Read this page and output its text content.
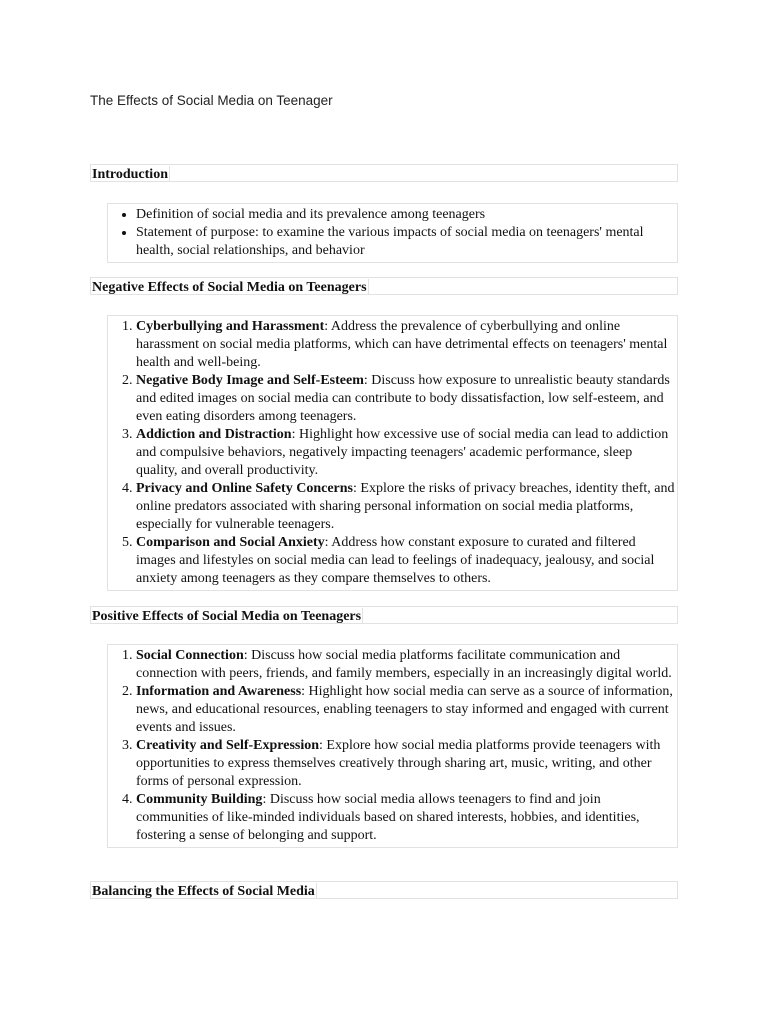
The Effects of Social Media on Teenager
Introduction
• Definition of social media and its prevalence among teenagers
• Statement of purpose: to examine the various impacts of social media on teenagers' mental health, social relationships, and behavior
Negative Effects of Social Media on Teenagers
1. Cyberbullying and Harassment: Address the prevalence of cyberbullying and online harassment on social media platforms, which can have detrimental effects on teenagers' mental health and well-being.
2. Negative Body Image and Self-Esteem: Discuss how exposure to unrealistic beauty standards and edited images on social media can contribute to body dissatisfaction, low self-esteem, and even eating disorders among teenagers.
3. Addiction and Distraction: Highlight how excessive use of social media can lead to addiction and compulsive behaviors, negatively impacting teenagers' academic performance, sleep quality, and overall productivity.
4. Privacy and Online Safety Concerns: Explore the risks of privacy breaches, identity theft, and online predators associated with sharing personal information on social media platforms, especially for vulnerable teenagers.
5. Comparison and Social Anxiety: Address how constant exposure to curated and filtered images and lifestyles on social media can lead to feelings of inadequacy, jealousy, and social anxiety among teenagers as they compare themselves to others.
Positive Effects of Social Media on Teenagers
1. Social Connection: Discuss how social media platforms facilitate communication and connection with peers, friends, and family members, especially in an increasingly digital world.
2. Information and Awareness: Highlight how social media can serve as a source of information, news, and educational resources, enabling teenagers to stay informed and engaged with current events and issues.
3. Creativity and Self-Expression: Explore how social media platforms provide teenagers with opportunities to express themselves creatively through sharing art, music, writing, and other forms of personal expression.
4. Community Building: Discuss how social media allows teenagers to find and join communities of like-minded individuals based on shared interests, hobbies, and identities, fostering a sense of belonging and support.
Balancing the Effects of Social Media
